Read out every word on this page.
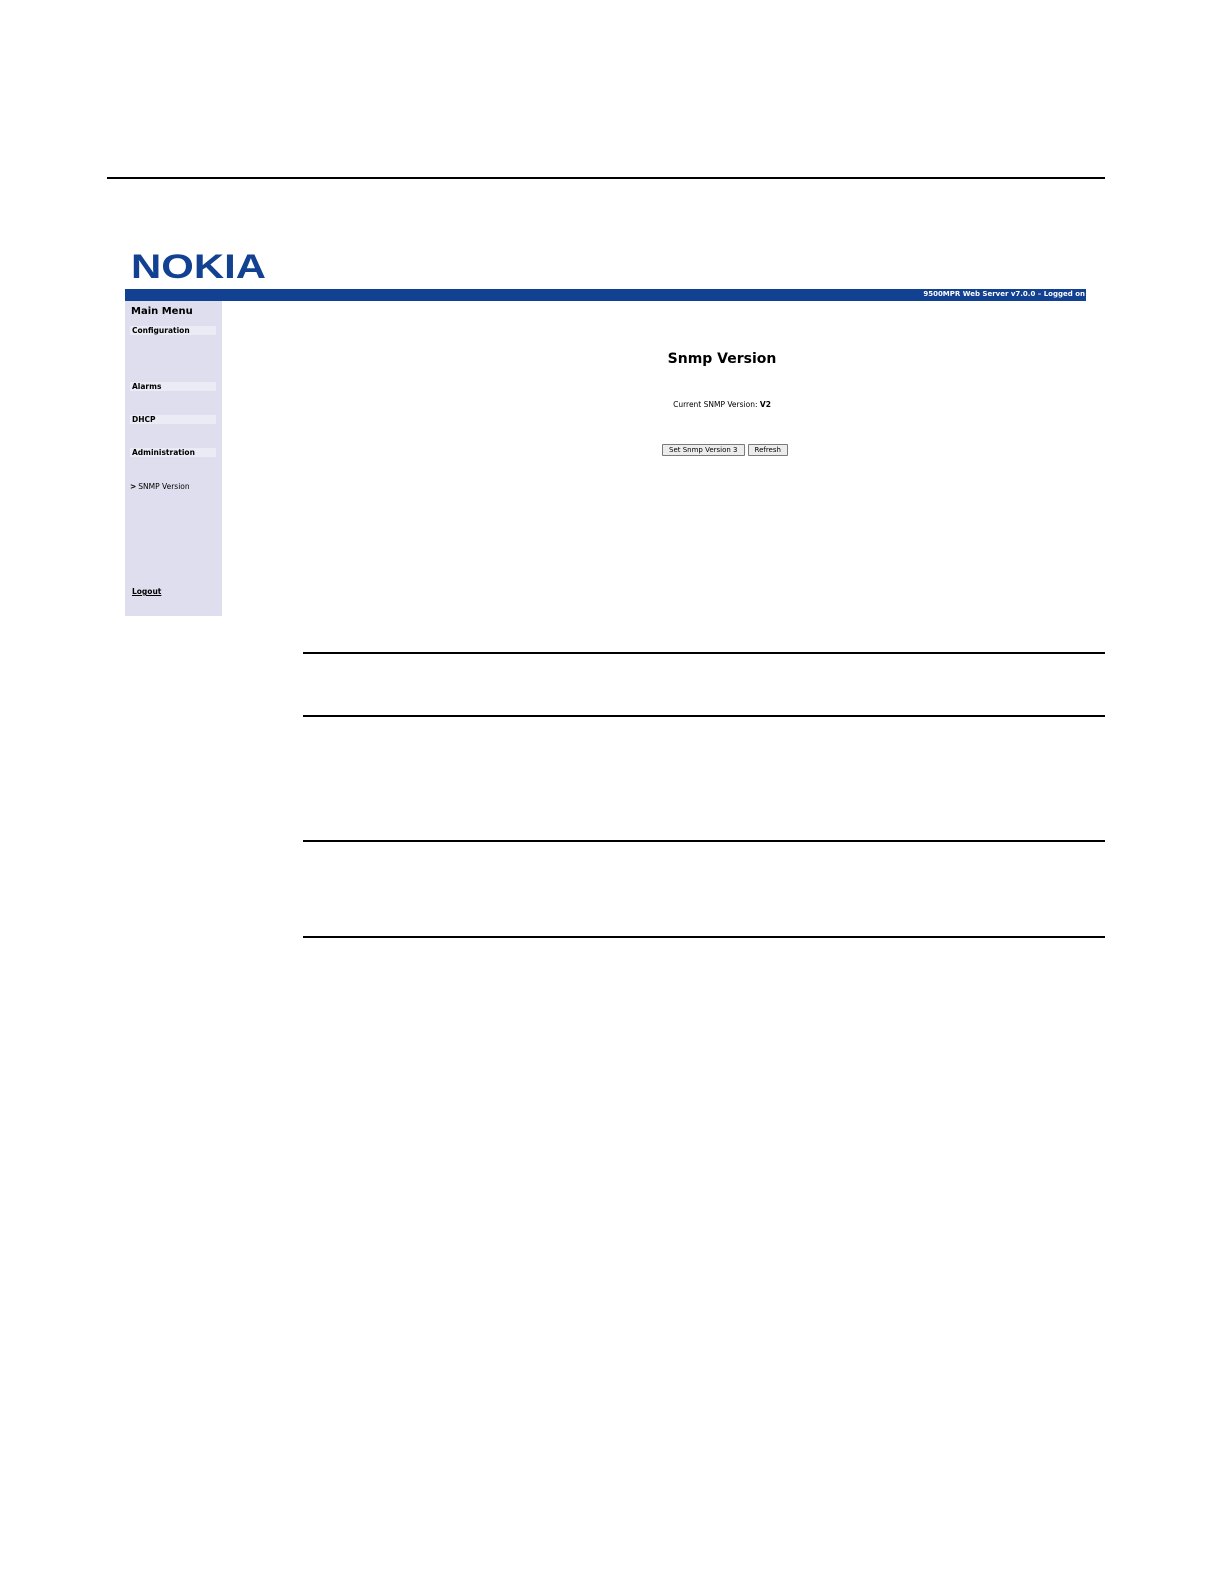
NOKIA
9500MPR Web Server v7.0.0 – Logged on
Main Menu
Configuration
Alarms
DHCP
Administration
> SNMP Version
Logout
Snmp Version
Current SNMP Version: V2
Set Snmp Version 3 Refresh
